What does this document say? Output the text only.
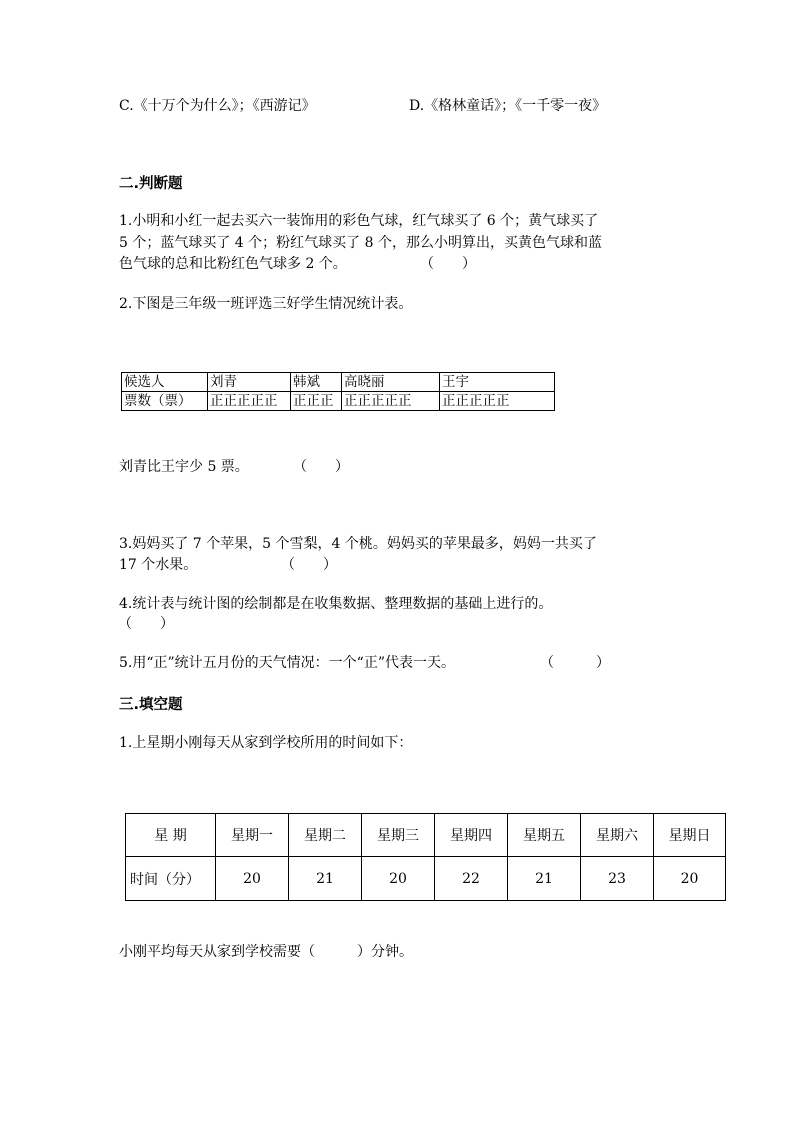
C.《十万个为什么》；《西游记》	D.《格林童话》；《一千零一夜》
二.判断题
1.小明和小红一起去买六一装饰用的彩色气球，红气球买了 6 个；黄气球买了
5 个；蓝气球买了 4 个；粉红气球买了 8 个，那么小明算出，买黄色气球和蓝
色气球的总和比粉红色气球多 2 个。	（　　）
2.下图是三年级一班评选三好学生情况统计表。
候选人	刘青	韩斌	高晓丽	王宇
票数（票）	正正正正正	正正正	正正正正正	正正正正正
刘青比王宇少 5 票。	（　　）
3.妈妈买了 7 个苹果，5 个雪梨，4 个桃。妈妈买的苹果最多，妈妈一共买了
17 个水果。	（　　）
4.统计表与统计图的绘制都是在收集数据、整理数据的基础上进行的。
（　　）
5.用“正”统计五月份的天气情况：一个“正”代表一天。	（　　　）
三.填空题
1.上星期小刚每天从家到学校所用的时间如下：
星 期	星期一	星期二	星期三	星期四	星期五	星期六	星期日
时间（分）	20	21	20	22	21	23	20
小刚平均每天从家到学校需要（　　　）分钟。
